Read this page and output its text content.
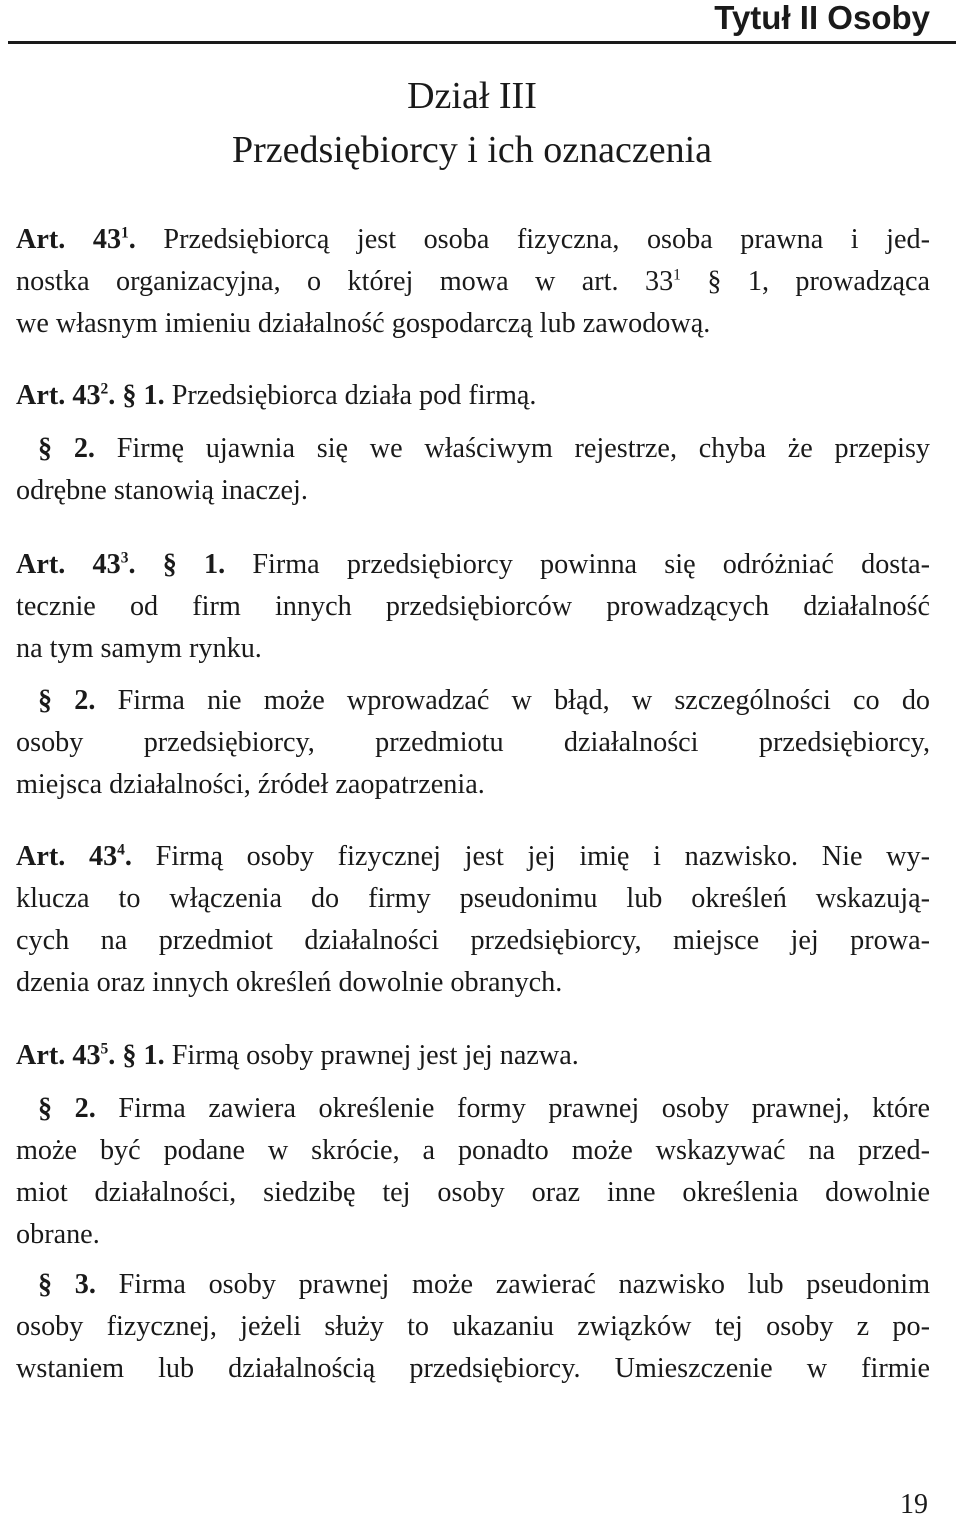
Tytuł II Osoby
Dział III
Przedsiębiorcy i ich oznaczenia
Art. $43^1$. Przedsiębiorcą jest osoba fizyczna, osoba prawna i jed-
nostka organizacyjna, o której mowa w art. $33^1$ § 1, prowadząca
we własnym imieniu działalność gospodarczą lub zawodową.
Art. $43^2$. § 1. Przedsiębiorca działa pod firmą.
§ 2. Firmę ujawnia się we właściwym rejestrze, chyba że przepisy
odrębne stanowią inaczej.
Art. $43^3$. § 1. Firma przedsiębiorcy powinna się odróżniać dosta-
tecznie od firm innych przedsiębiorców prowadzących działalność
na tym samym rynku.
§ 2. Firma nie może wprowadzać w błąd, w szczególności co do
osoby przedsiębiorcy, przedmiotu działalności przedsiębiorcy,
miejsca działalności, źródeł zaopatrzenia.
Art. $43^4$. Firmą osoby fizycznej jest jej imię i nazwisko. Nie wy-
klucza to włączenia do firmy pseudonimu lub określeń wskazują-
cych na przedmiot działalności przedsiębiorcy, miejsce jej prowa-
dzenia oraz innych określeń dowolnie obranych.
Art. $43^5$. § 1. Firmą osoby prawnej jest jej nazwa.
§ 2. Firma zawiera określenie formy prawnej osoby prawnej, które
może być podane w skrócie, a ponadto może wskazywać na przed-
miot działalności, siedzibę tej osoby oraz inne określenia dowolnie
obrane.
§ 3. Firma osoby prawnej może zawierać nazwisko lub pseudonim
osoby fizycznej, jeżeli służy to ukazaniu związków tej osoby z po-
wstaniem lub działalnością przedsiębiorcy. Umieszczenie w firmie
19
